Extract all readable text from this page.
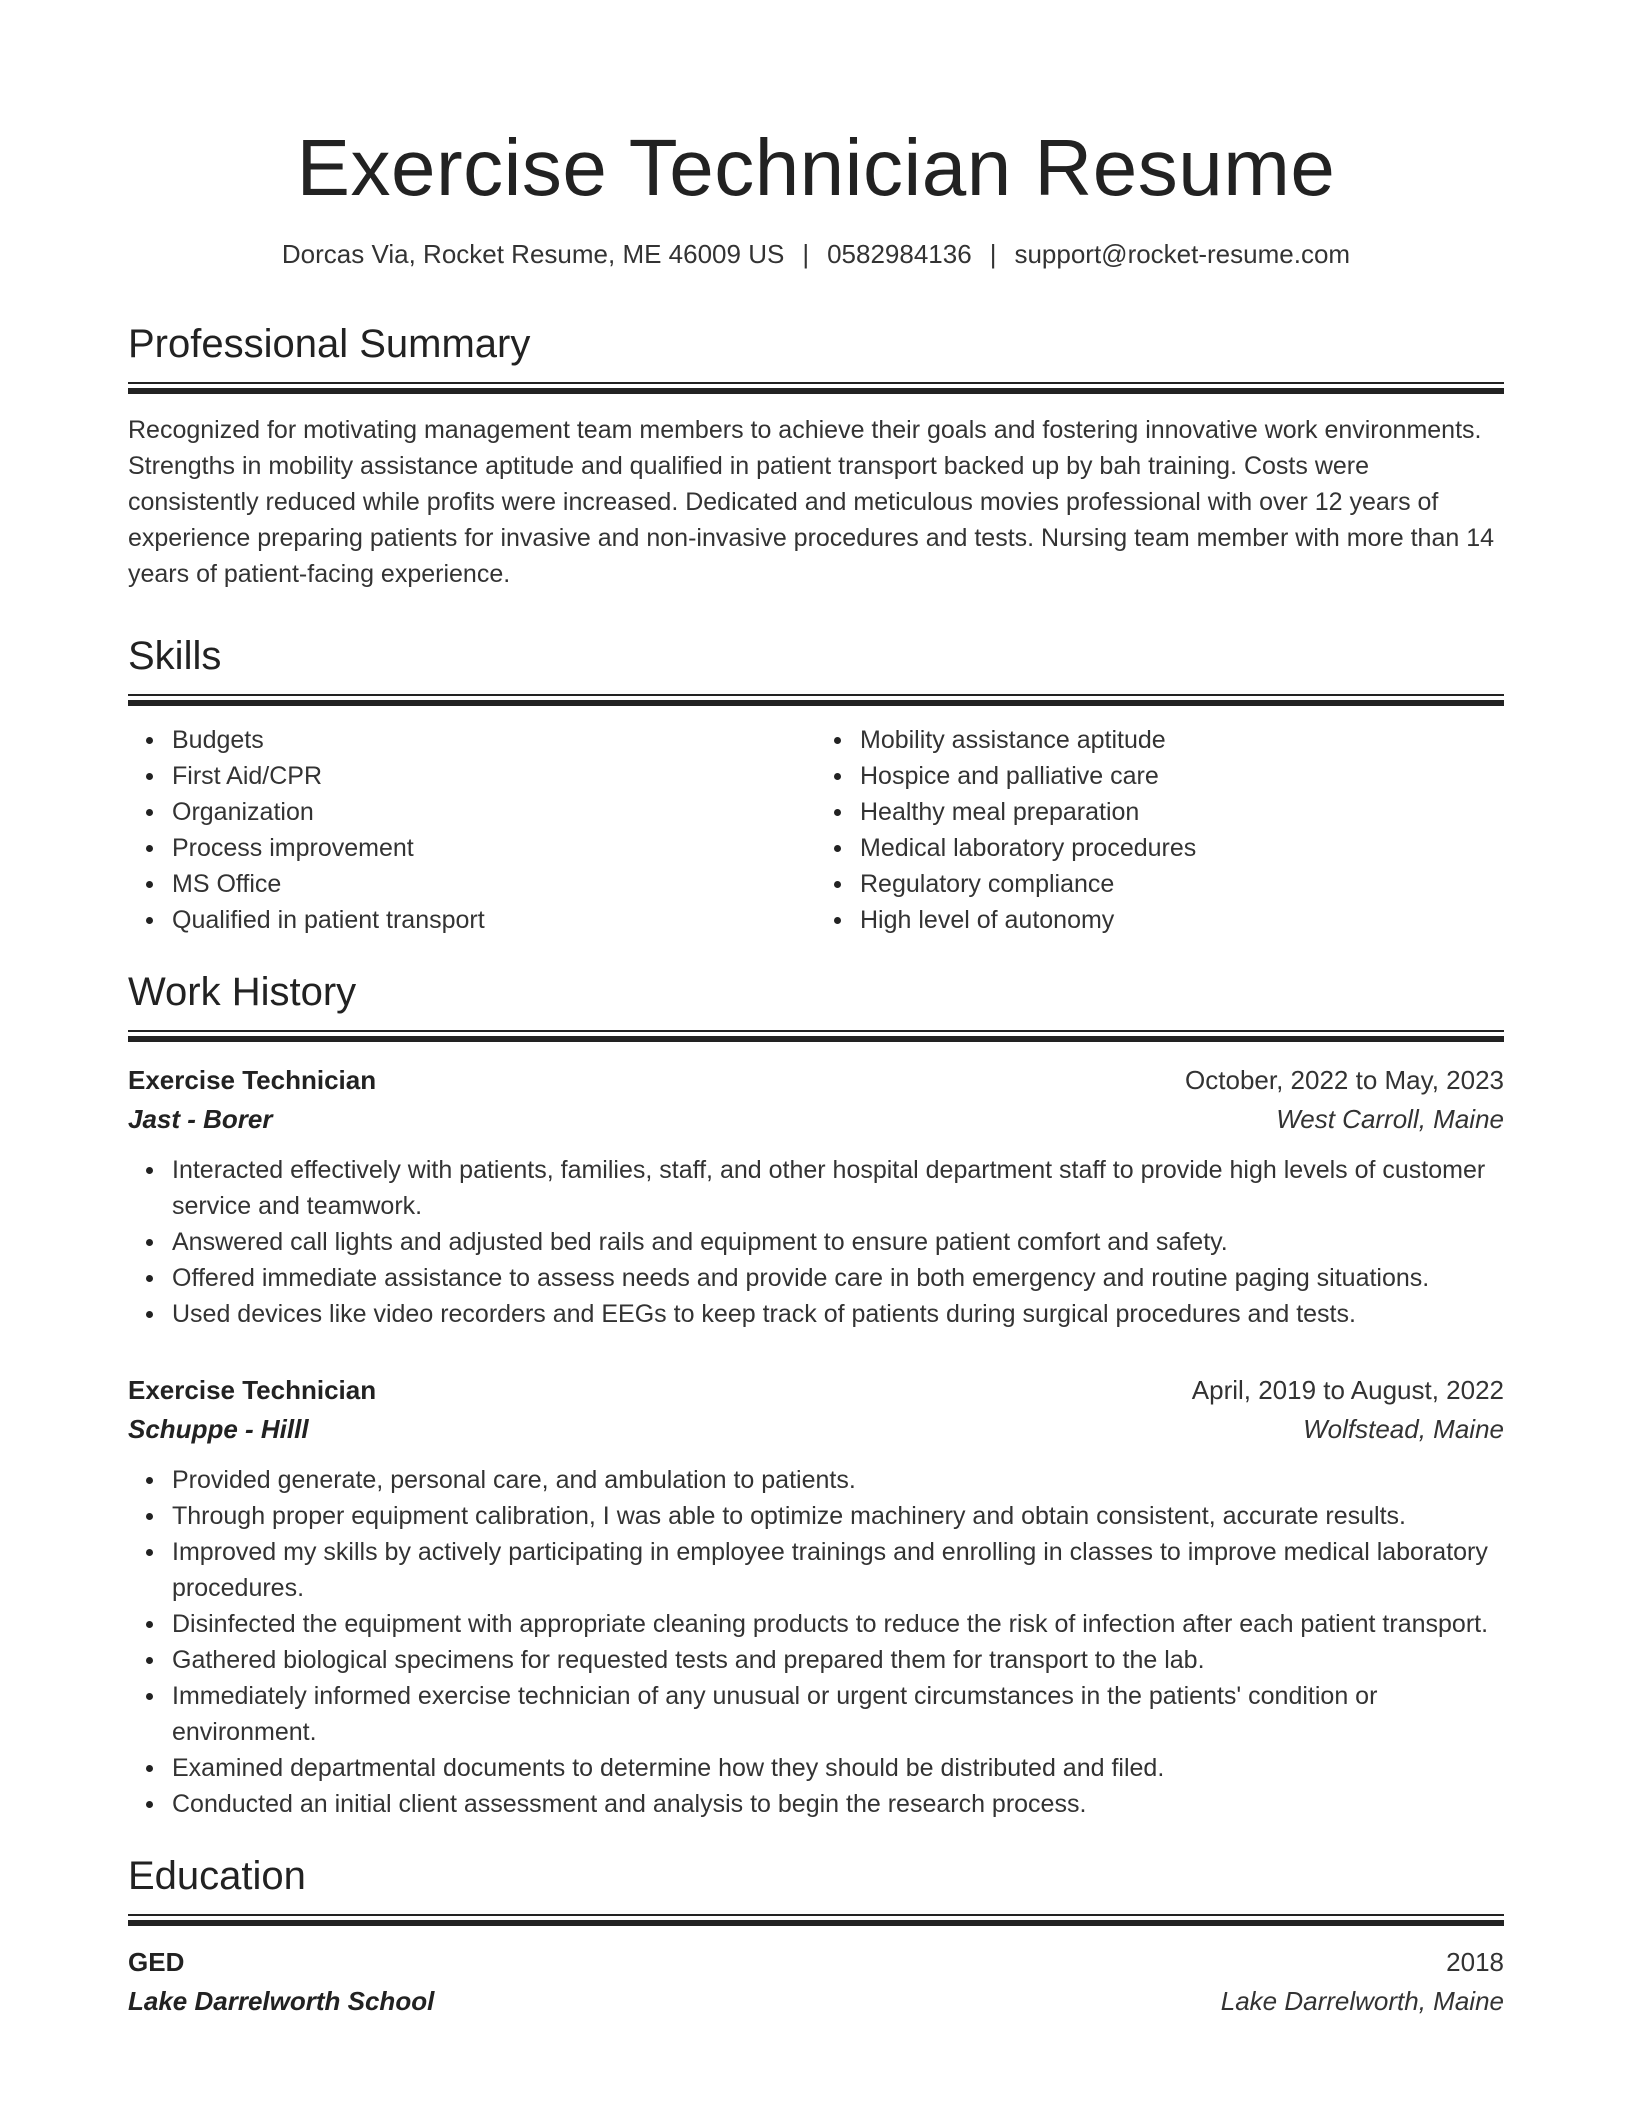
Exercise Technician Resume
Dorcas Via, Rocket Resume, ME 46009 US | 0582984136 | support@rocket-resume.com
Professional Summary

Recognized for motivating management team members to achieve their goals and fostering innovative work environments. Strengths in mobility assistance aptitude and qualified in patient transport backed up by bah training. Costs were consistently reduced while profits were increased. Dedicated and meticulous movies professional with over 12 years of experience preparing patients for invasive and non-invasive procedures and tests. Nursing team member with more than 14 years of patient-facing experience.

Skills
Budgets
First Aid/CPR
Organization
Process improvement
MS Office
Qualified in patient transport
Mobility assistance aptitude
Hospice and palliative care
Healthy meal preparation
Medical laboratory procedures
Regulatory compliance
High level of autonomy
Work History
Exercise Technician	October, 2022 to May, 2023
Jast - Borer	West Carroll, Maine
Interacted effectively with patients, families, staff, and other hospital department staff to provide high levels of customer service and teamwork.
Answered call lights and adjusted bed rails and equipment to ensure patient comfort and safety.
Offered immediate assistance to assess needs and provide care in both emergency and routine paging situations.
Used devices like video recorders and EEGs to keep track of patients during surgical procedures and tests.
Exercise Technician	April, 2019 to August, 2022
Schuppe - Hilll	Wolfstead, Maine
Provided generate, personal care, and ambulation to patients.
Through proper equipment calibration, I was able to optimize machinery and obtain consistent, accurate results.
Improved my skills by actively participating in employee trainings and enrolling in classes to improve medical laboratory procedures.
Disinfected the equipment with appropriate cleaning products to reduce the risk of infection after each patient transport.
Gathered biological specimens for requested tests and prepared them for transport to the lab.
Immediately informed exercise technician of any unusual or urgent circumstances in the patients' condition or environment.
Examined departmental documents to determine how they should be distributed and filed.
Conducted an initial client assessment and analysis to begin the research process.
Education
GED	2018
Lake Darrelworth School	Lake Darrelworth, Maine
